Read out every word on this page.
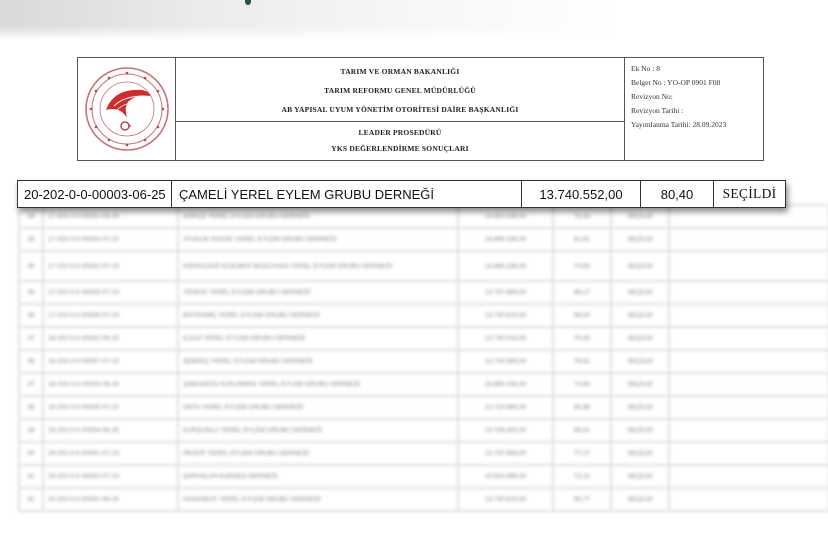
TARIM VE ORMAN BAKANLIĞI
TARIM REFORMU GENEL MÜDÜRLÜĞÜ
AB YAPISAL UYUM YÖNETİM OTORİTESİ DAİRE BAŞKANLIĞI
LEADER PROSEDÜRÜ
YKS DEĞERLENDİRME SONUÇLARI
Ek No : 8
Belget No : YO-OP 0901 F08
Revizyon No:
Revizyon Tarihi :
Yayımlanma Tarihi: 28.09.2023
33	17-202-0-0-00001-06-25	GÖKÇE YEREL EYLEM GRUBU DERNEĞİ	14.800.336,00	73,33	SEÇİLDİ	
34	17-202-0-0-00004-07-23	AYVALIK KOZAK YEREL EYLEM GRUBU DERNEĞİ	14.865.336,00	81,61	SEÇİLDİ	
35	17-202-0-0-00002-07-23	GÖNÜLDAĞ ECEABAT BOZCAADA YEREL EYLEM GRUBU DERNEĞİ	14.865.336,00	73,60	SEÇİLDİ	
35	17-202-0-0-00003-07-23	YENİCE YEREL EYLEM GRUBU DERNEĞİ	13.737.689,00	68,17	SEÇİLDİ	
36	17-202-0-0-00006-07-23	BAYRAMİÇ YEREL EYLEM GRUBU DERNEĞİ	13.740.515,00	68,00	SEÇİLDİ	
37	18-202-0-0-00002-06-25	ILGAZ YEREL EYLEM GRUBU DERNEĞİ	13.740.515,00	75,40	SEÇİLDİ	
36	18-202-0-0-00007-07-23	ŞEBKEÇ YEREL EYLEM GRUBU DERNEĞİ	13.726.990,00	76,61	SEÇİLDİ	
37	18-202-0-0-00003-06-25	ŞABANÖZÜ KIZILIRMAK YEREL EYLEM GRUBU DERNEĞİ	14.865.336,00	73,60	SEÇİLDİ	
38	19-202-0-0-00005-07-23	ORTA YEREL EYLEM GRUBU DERNEĞİ	13.710.895,00	65,86	SEÇİLDİ	
39	19-202-0-0-00004-06-25	KURŞUNLU YEREL EYLEM GRUBU DERNEĞİ	13.706.405,00	66,51	SEÇİLDİ	
40	19-202-0-0-00001-07-23	ÖKSÜP YEREL EYLEM GRUBU DERNEĞİ	13.737.689,00	77,27	SEÇİLDİ	
41	19-202-0-0-00002-07-23	ŞAPHALAN KARDEŞ DERNEĞİ	10.620.095,00	73,21	SEÇİLDİ	
42	20-202-0-0-00001-06-25	HASANKAT YEREL EYLEM GRUBU DERNEĞİ	13.740.515,00	65,77	SEÇİLDİ	
20-202-0-0-00003-06-25	ÇAMELİ YEREL EYLEM GRUBU DERNEĞİ	13.740.552,00	80,40	SEÇİLDİ
